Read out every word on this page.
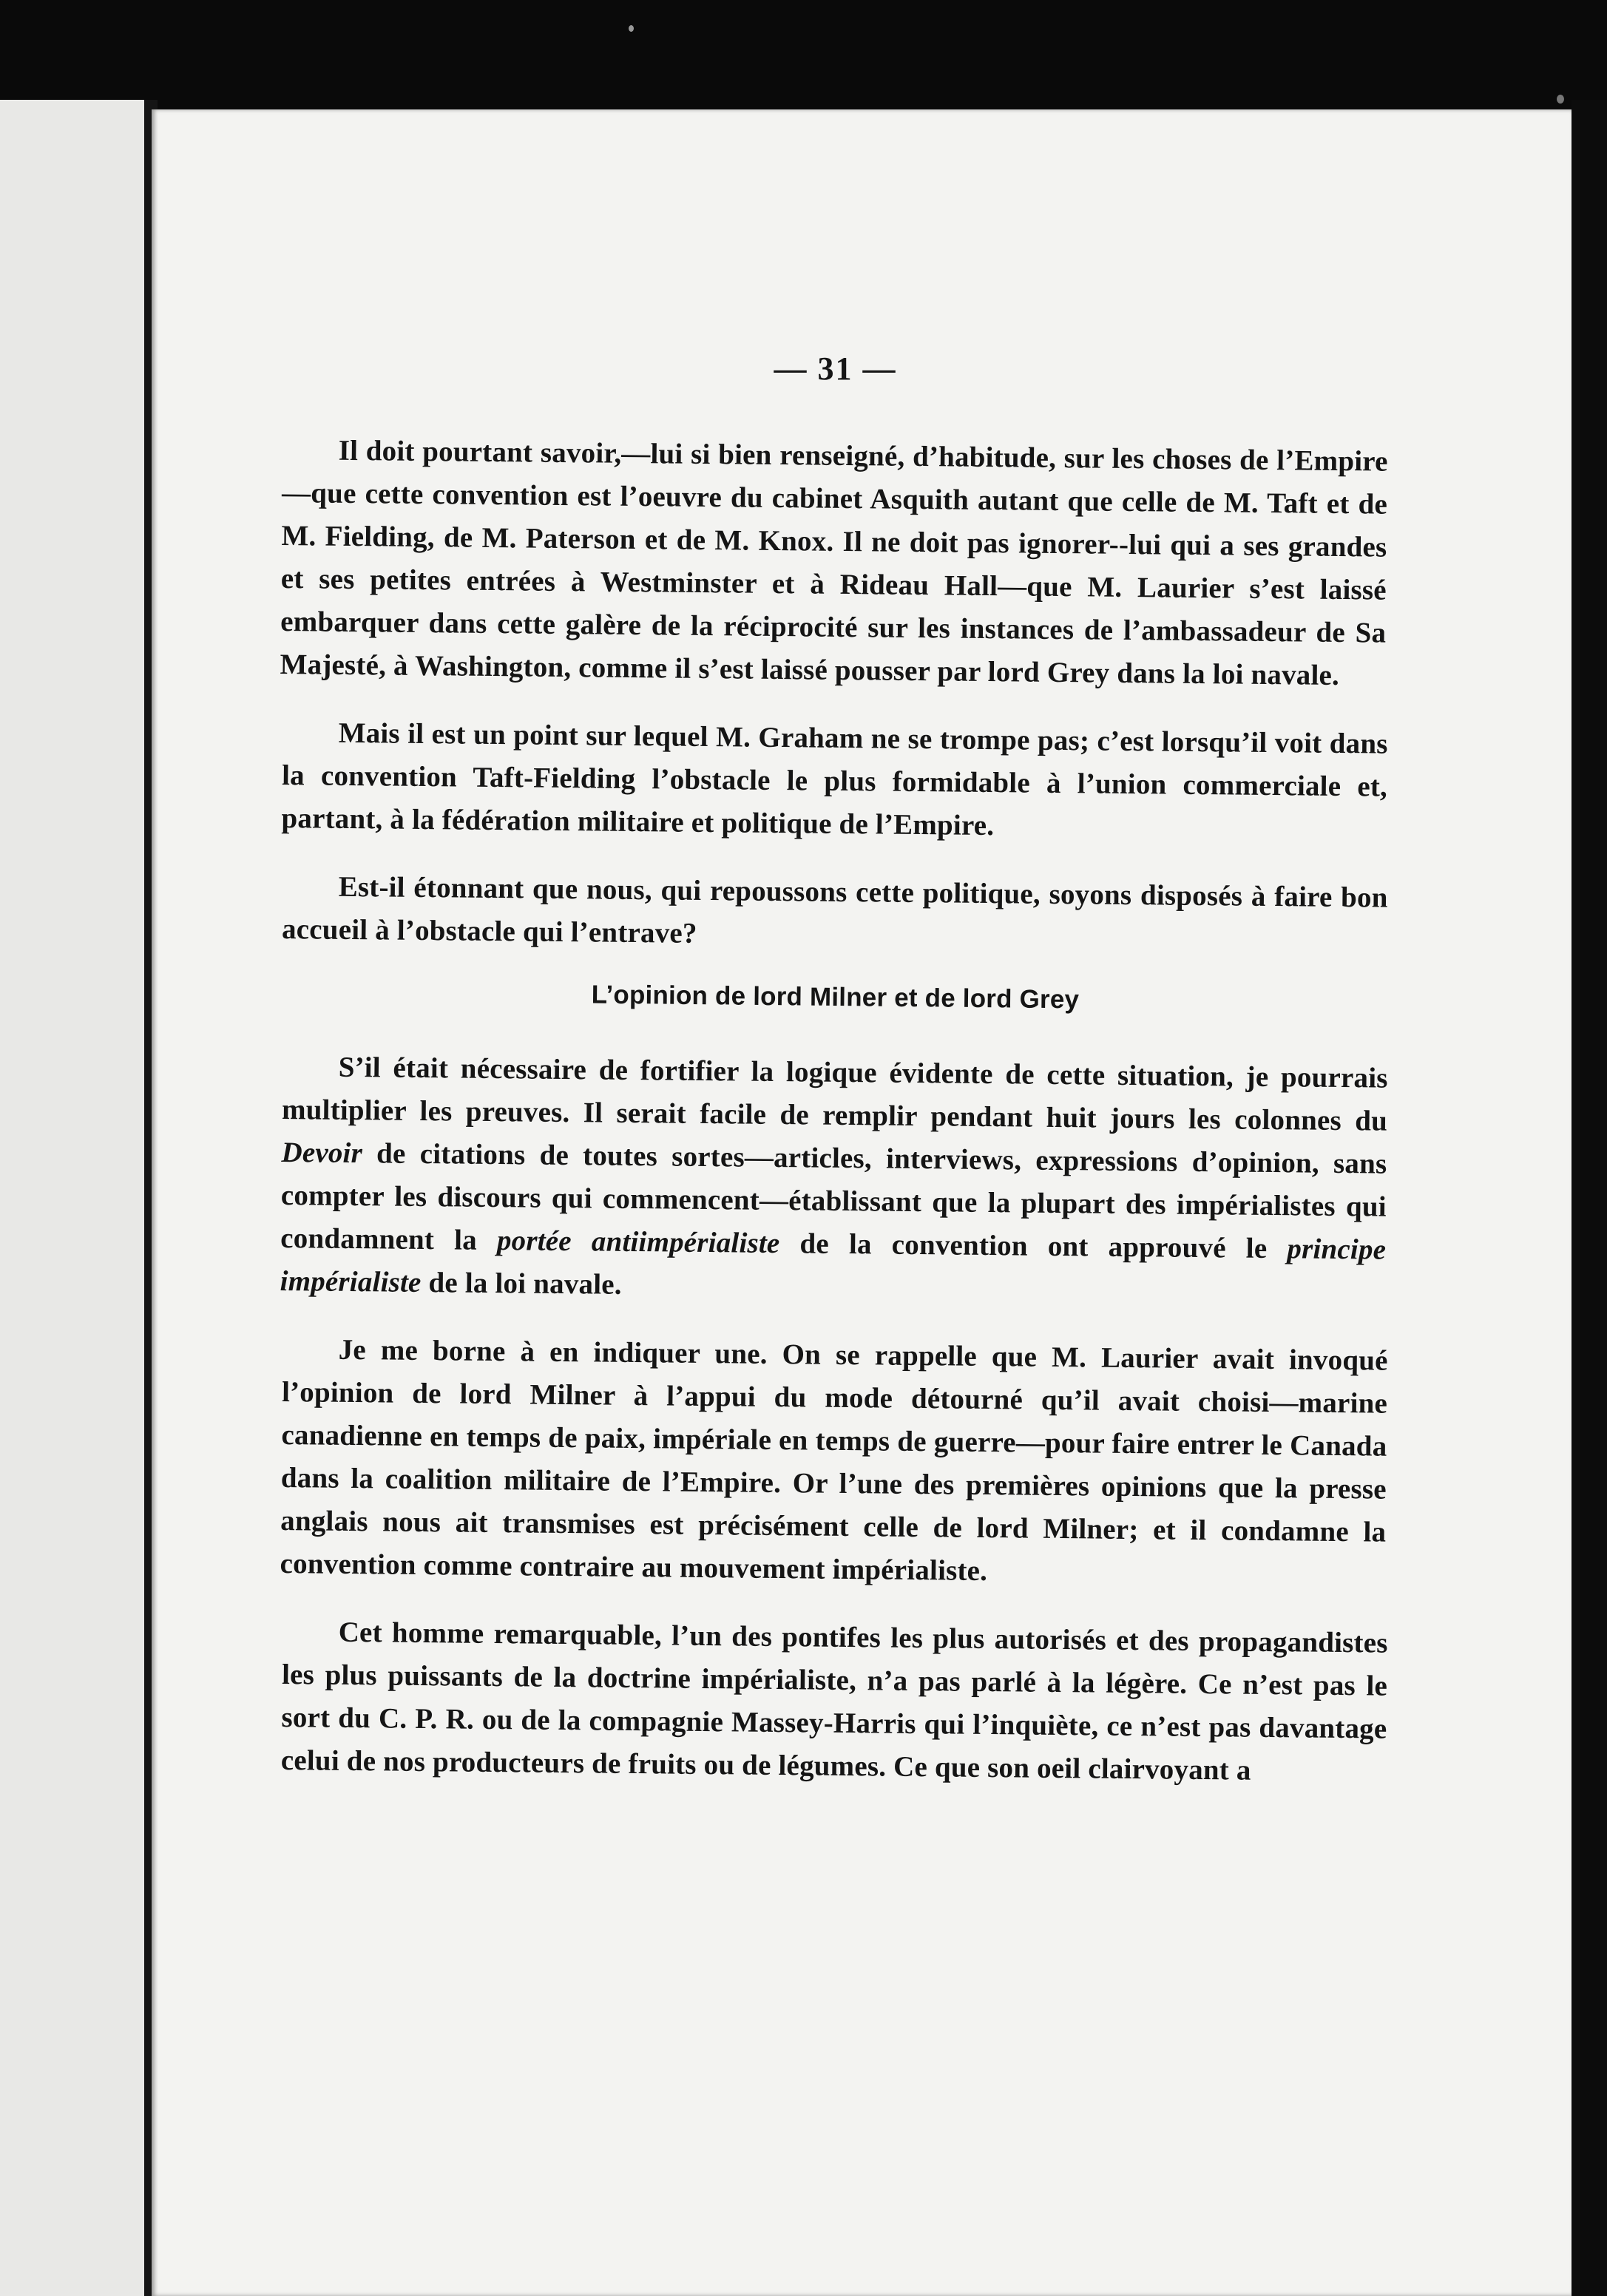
— 31 —

Il doit pourtant savoir,—lui si bien renseigné, d’habitude, sur les choses de l’Empire—que cette convention est l’oeuvre du cabinet Asquith autant que celle de M. Taft et de M. Fielding, de M. Paterson et de M. Knox. Il ne doit pas ignorer--lui qui a ses grandes et ses petites entrées à Westminster et à Rideau Hall—que M. Laurier s’est laissé embarquer dans cette galère de la réciprocité sur les instances de l’ambassadeur de Sa Majesté, à Washington, comme il s’est laissé pousser par lord Grey dans la loi navale.

Mais il est un point sur lequel M. Graham ne se trompe pas; c’est lorsqu’il voit dans la convention Taft-Fielding l’obstacle le plus formidable à l’union commerciale et, partant, à la fédération militaire et politique de l’Empire.

Est-il étonnant que nous, qui repoussons cette politique, soyons disposés à faire bon accueil à l’obstacle qui l’entrave?

L’opinion de lord Milner et de lord Grey

S’il était nécessaire de fortifier la logique évidente de cette situation, je pourrais multiplier les preuves. Il serait facile de remplir pendant huit jours les colonnes du Devoir de citations de toutes sortes—articles, interviews, expressions d’opinion, sans compter les discours qui commencent—établissant que la plupart des impérialistes qui condamnent la portée antiimpérialiste de la convention ont approuvé le principe impérialiste de la loi navale.

Je me borne à en indiquer une. On se rappelle que M. Laurier avait invoqué l’opinion de lord Milner à l’appui du mode détourné qu’il avait choisi—marine canadienne en temps de paix, impériale en temps de guerre—pour faire entrer le Canada dans la coalition militaire de l’Empire. Or l’une des premières opinions que la presse anglais nous ait transmises est précisément celle de lord Milner; et il condamne la convention comme contraire au mouvement impérialiste.

Cet homme remarquable, l’un des pontifes les plus autorisés et des propagandistes les plus puissants de la doctrine impérialiste, n’a pas parlé à la légère. Ce n’est pas le sort du C. P. R. ou de la compagnie Massey-Harris qui l’inquiète, ce n’est pas davantage celui de nos producteurs de fruits ou de légumes. Ce que son oeil clairvoyant a
